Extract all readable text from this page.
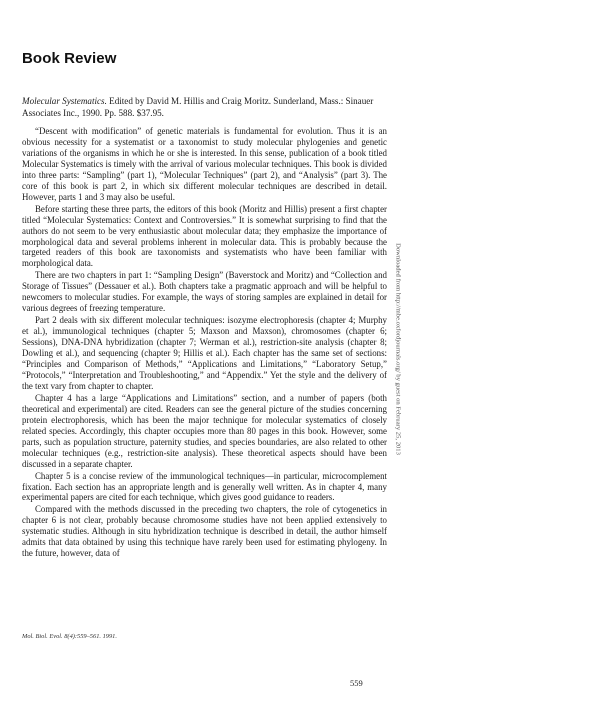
Book Review
Molecular Systematics. Edited by David M. Hillis and Craig Moritz. Sunderland, Mass.: Sinauer Associates Inc., 1990. Pp. 588. $37.95.

“Descent with modification” of genetic materials is fundamental for evolution. Thus it is an obvious necessity for a systematist or a taxonomist to study molecular phylogenies and genetic variations of the organisms in which he or she is interested. In this sense, publication of a book titled Molecular Systematics is timely with the arrival of various molecular techniques. This book is divided into three parts: “Sampling” (part 1), “Molecular Techniques” (part 2), and “Analysis” (part 3). The core of this book is part 2, in which six different molecular techniques are described in detail. However, parts 1 and 3 may also be useful.

Before starting these three parts, the editors of this book (Moritz and Hillis) present a first chapter titled “Molecular Systematics: Context and Controversies.” It is somewhat surprising to find that the authors do not seem to be very enthusiastic about molecular data; they emphasize the importance of morphological data and several problems inherent in molecular data. This is probably because the targeted readers of this book are taxonomists and systematists who have been familiar with morphological data.

There are two chapters in part 1: “Sampling Design” (Baverstock and Moritz) and “Collection and Storage of Tissues” (Dessauer et al.). Both chapters take a pragmatic approach and will be helpful to newcomers to molecular studies. For example, the ways of storing samples are explained in detail for various degrees of freezing temperature.

Part 2 deals with six different molecular techniques: isozyme electrophoresis (chapter 4; Murphy et al.), immunological techniques (chapter 5; Maxson and Maxson), chromosomes (chapter 6; Sessions), DNA-DNA hybridization (chapter 7; Werman et al.), restriction-site analysis (chapter 8; Dowling et al.), and sequencing (chapter 9; Hillis et al.). Each chapter has the same set of sections: “Principles and Comparison of Methods,” “Applications and Limitations,” “Laboratory Setup,” “Protocols,” “Interpretation and Troubleshooting,” and “Appendix.” Yet the style and the delivery of the text vary from chapter to chapter.

Chapter 4 has a large “Applications and Limitations” section, and a number of papers (both theoretical and experimental) are cited. Readers can see the general picture of the studies concerning protein electrophoresis, which has been the major technique for molecular systematics of closely related species. Accordingly, this chapter occupies more than 80 pages in this book. However, some parts, such as population structure, paternity studies, and species boundaries, are also related to other molecular techniques (e.g., restriction-site analysis). These theoretical aspects should have been discussed in a separate chapter.

Chapter 5 is a concise review of the immunological techniques—in particular, microcomplement fixation. Each section has an appropriate length and is generally well written. As in chapter 4, many experimental papers are cited for each technique, which gives good guidance to readers.

Compared with the methods discussed in the preceding two chapters, the role of cytogenetics in chapter 6 is not clear, probably because chromosome studies have not been applied extensively to systematic studies. Although in situ hybridization technique is described in detail, the author himself admits that data obtained by using this technique have rarely been used for estimating phylogeny. In the future, however, data of

Downloaded from http://mbe.oxfordjournals.org/ by guest on February 25, 2013
Mol. Biol. Evol. 8(4):559–561. 1991.
559
